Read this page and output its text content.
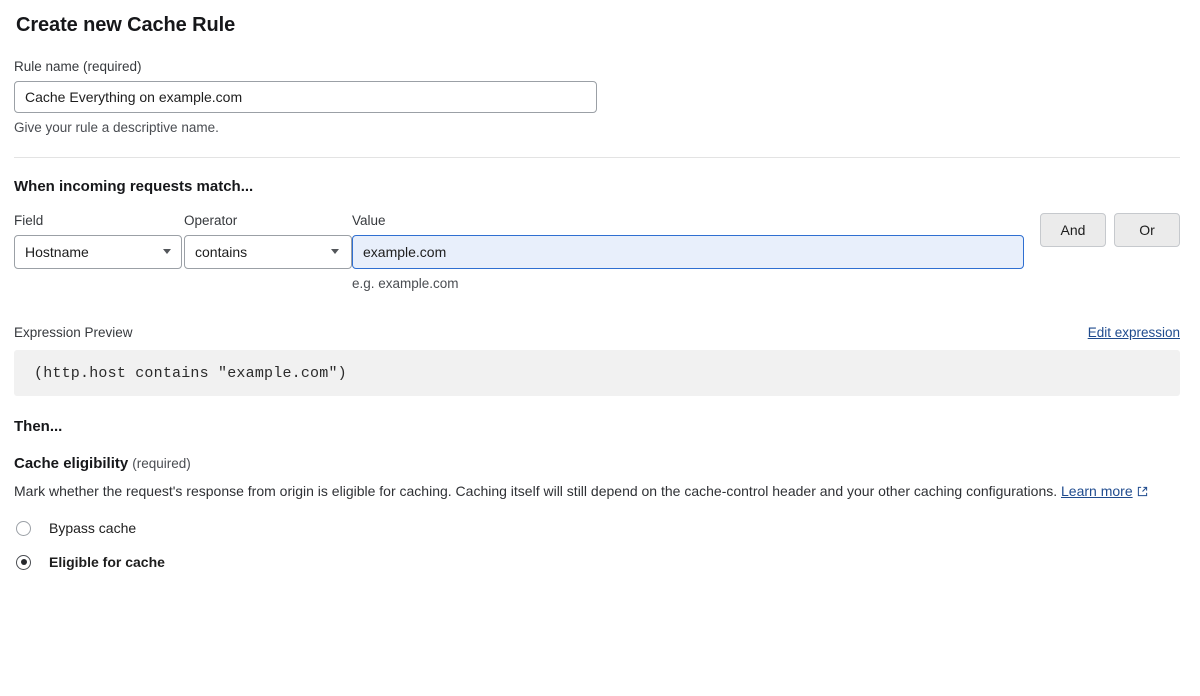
Create new Cache Rule
Rule name (required)
Cache Everything on example.com
Give your rule a descriptive name.
When incoming requests match...
Field
Hostname
Operator
contains
Value
example.com
e.g. example.com
And	Or
Expression Preview	Edit expression
(http.host contains "example.com")
Then...
Cache eligibility (required)
Mark whether the request's response from origin is eligible for caching. Caching itself will still depend on the cache-control header and your other caching configurations. Learn more
Bypass cache
Eligible for cache
